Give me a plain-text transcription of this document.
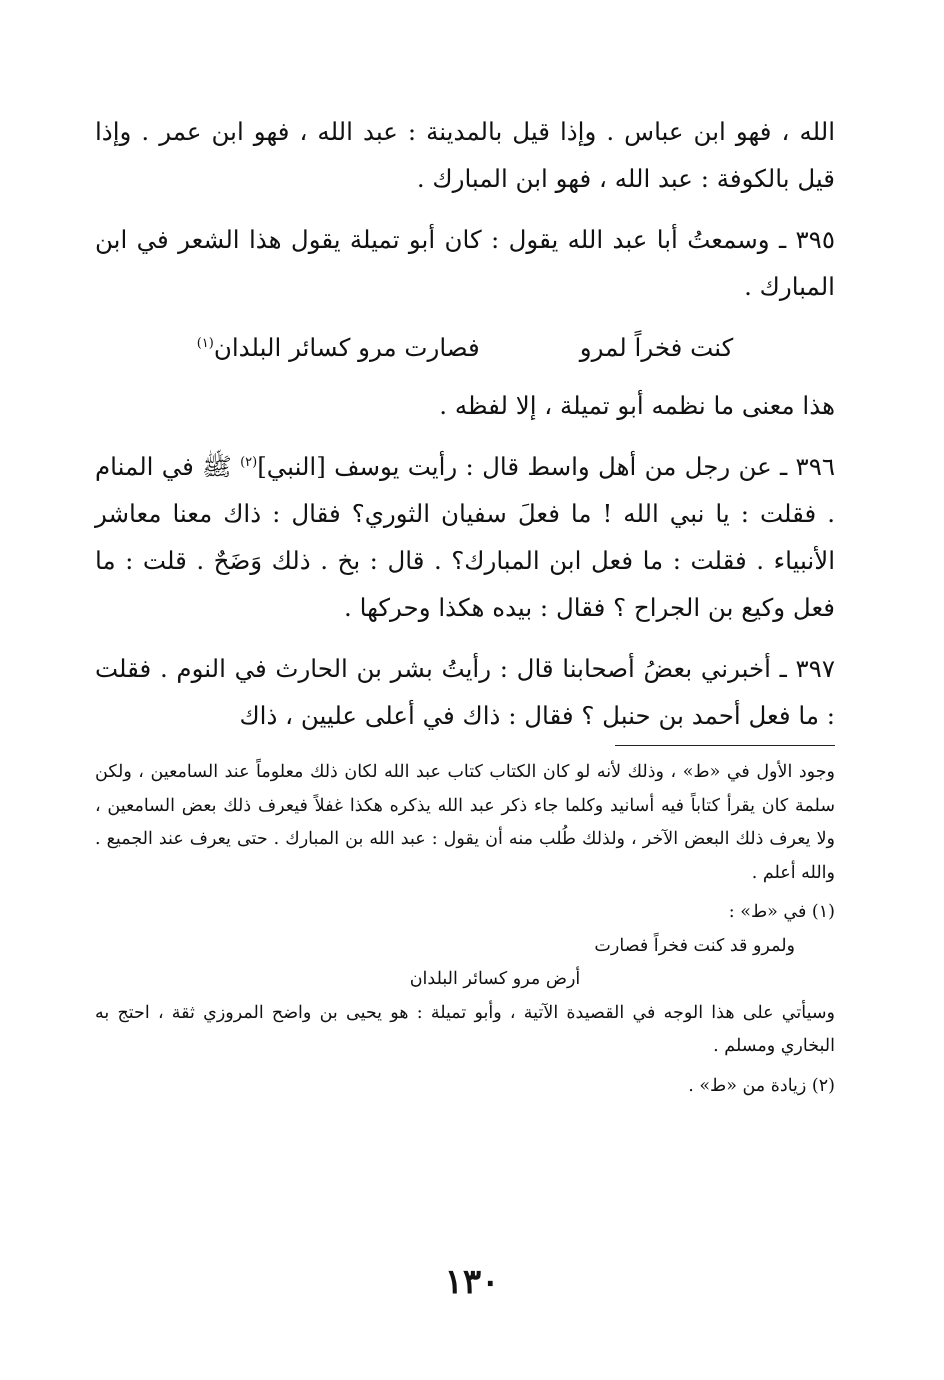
الله ، فهو ابن عباس . وإذا قيل بالمدينة : عبد الله ، فهو ابن عمر . وإذا قيل بالكوفة : عبد الله ، فهو ابن المبارك .

٣٩٥ ـ وسمعتُ أبا عبد الله يقول : كان أبو تميلة يقول هذا الشعر في ابن المبارك .

كنت فخراً لمرو
فصارت مرو كسائر البلدان$^{(١)}$

هذا معنى ما نظمه أبو تميلة ، إلا لفظه .

٣٩٦ ـ عن رجل من أهل واسط قال : رأيت يوسف [النبي]$^{(٢)}$ ﷺ في المنام . فقلت : يا نبي الله ! ما فعلَ سفيان الثوري؟ فقال : ذاك معنا معاشر الأنبياء . فقلت : ما فعل ابن المبارك؟ . قال : بخ . ذلك وَضَحٌ . قلت : ما فعل وكيع بن الجراح ؟ فقال : بيده هكذا وحركها .

٣٩٧ ـ أخبرني بعضُ أصحابنا قال : رأيتُ بشر بن الحارث في النوم . فقلت : ما فعل أحمد بن حنبل ؟ فقال : ذاك في أعلى عليين ، ذاك

وجود الأول في «ط» ، وذلك لأنه لو كان الكتاب كتاب عبد الله لكان ذلك معلوماً عند السامعين ، ولكن سلمة كان يقرأ كتاباً فيه أسانيد وكلما جاء ذكر عبد الله يذكره هكذا غفلاً فيعرف ذلك بعض السامعين ، ولا يعرف ذلك البعض الآخر ، ولذلك طُلب منه أن يقول : عبد الله بن المبارك . حتى يعرف عند الجميع . والله أعلم .

(١) في «ط» :

ولمرو قد كنت فخراً فصارت

أرض مرو كسائر البلدان

وسيأتي على هذا الوجه في القصيدة الآتية ، وأبو تميلة : هو يحيى بن واضح المروزي ثقة ، احتج به البخاري ومسلم .

(٢) زيادة من «ط» .

١٣٠
